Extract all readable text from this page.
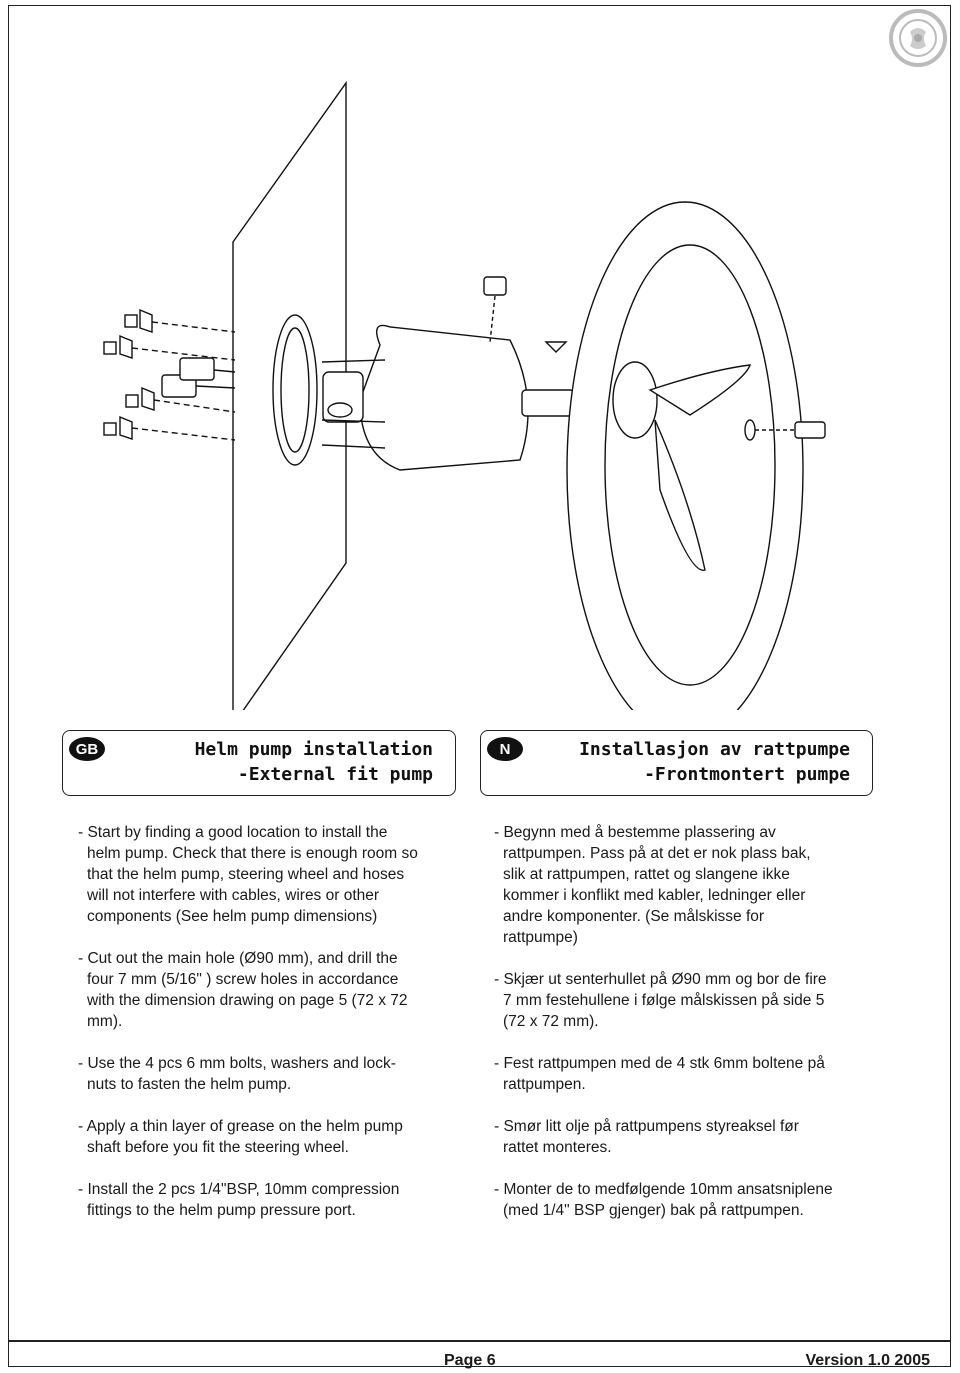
GB	Helm pump installation
-External fit pump
N	Installasjon av rattpumpe
-Frontmontert pumpe

- Start by finding a good location to install the
helm pump. Check that there is enough room so
that the helm pump, steering wheel and hoses
will not interfere with cables, wires or other
components (See helm pump dimensions)

- Cut out the main hole (Ø90 mm), and drill the
four 7 mm (5/16" ) screw holes in accordance
with the dimension drawing on page 5 (72 x 72
mm).

- Use the 4 pcs 6 mm bolts, washers and lock-
nuts to fasten the helm pump.

- Apply a thin layer of grease on the helm pump
shaft before you fit the steering wheel.

- Install the 2 pcs 1/4"BSP, 10mm compression
fittings to the helm pump pressure port.

- Begynn med å bestemme plassering av
rattpumpen. Pass på at det er nok plass bak,
slik at rattpumpen, rattet og slangene ikke
kommer i konflikt med kabler, ledninger eller
andre komponenter. (Se målskisse for
rattpumpe)

- Skjær ut senterhullet på Ø90 mm og bor de fire
7 mm festehullene i følge målskissen på side 5
(72 x 72 mm).

- Fest rattpumpen med de 4 stk 6mm boltene på
rattpumpen.

- Smør litt olje på rattpumpens styreaksel før
rattet monteres.

- Monter de to medfølgende 10mm ansatsniplene
(med 1/4" BSP gjenger) bak på rattpumpen.

Page 6	Version 1.0 2005
